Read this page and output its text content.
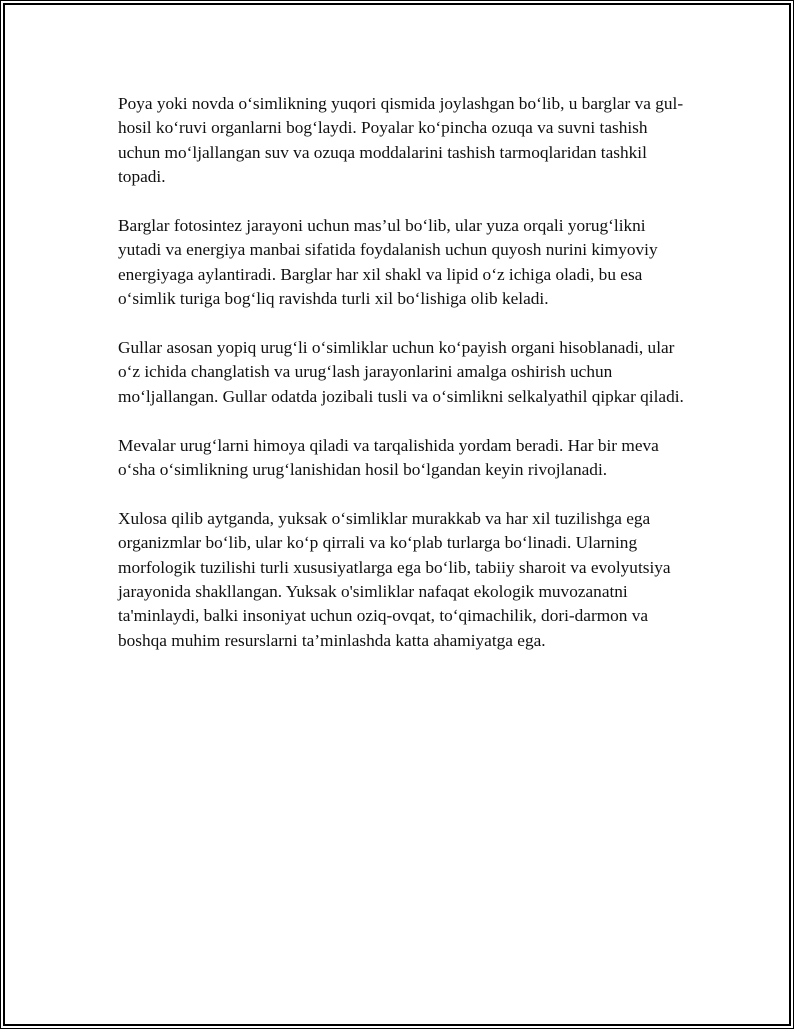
Poya yoki novda o‘simlikning yuqori qismida joylashgan bo‘lib, u barglar va gul-hosil ko‘ruvi organlarni bog‘laydi. Poyalar ko‘pincha ozuqa va suvni tashish uchun mo‘ljallangan suv va ozuqa moddalarini tashish tarmoqlaridan tashkil topadi.

Barglar fotosintez jarayoni uchun mas’ul bo‘lib, ular yuza orqali yorug‘likni yutadi va energiya manbai sifatida foydalanish uchun quyosh nurini kimyoviy energiyaga aylantiradi. Barglar har xil shakl va lipid o‘z ichiga oladi, bu esa o‘simlik turiga bog‘liq ravishda turli xil bo‘lishiga olib keladi.

Gullar asosan yopiq urug‘li o‘simliklar uchun ko‘payish organi hisoblanadi, ular o‘z ichida changlatish va urug‘lash jarayonlarini amalga oshirish uchun mo‘ljallangan. Gullar odatda jozibali tusli va o‘simlikni selkalyathil qipkar qiladi.

Mevalar urug‘larni himoya qiladi va tarqalishida yordam beradi. Har bir meva o‘sha o‘simlikning urug‘lanishidan hosil bo‘lgandan keyin rivojlanadi.

Xulosa qilib aytganda, yuksak o‘simliklar murakkab va har xil tuzilishga ega organizmlar bo‘lib, ular ko‘p qirrali va ko‘plab turlarga bo‘linadi. Ularning morfologik tuzilishi turli xususiyatlarga ega bo‘lib, tabiiy sharoit va evolyutsiya jarayonida shakllangan. Yuksak o'simliklar nafaqat ekologik muvozanatni ta'minlaydi, balki insoniyat uchun oziq-ovqat, to‘qimachilik, dori-darmon va boshqa muhim resurslarni ta’minlashda katta ahamiyatga ega.
